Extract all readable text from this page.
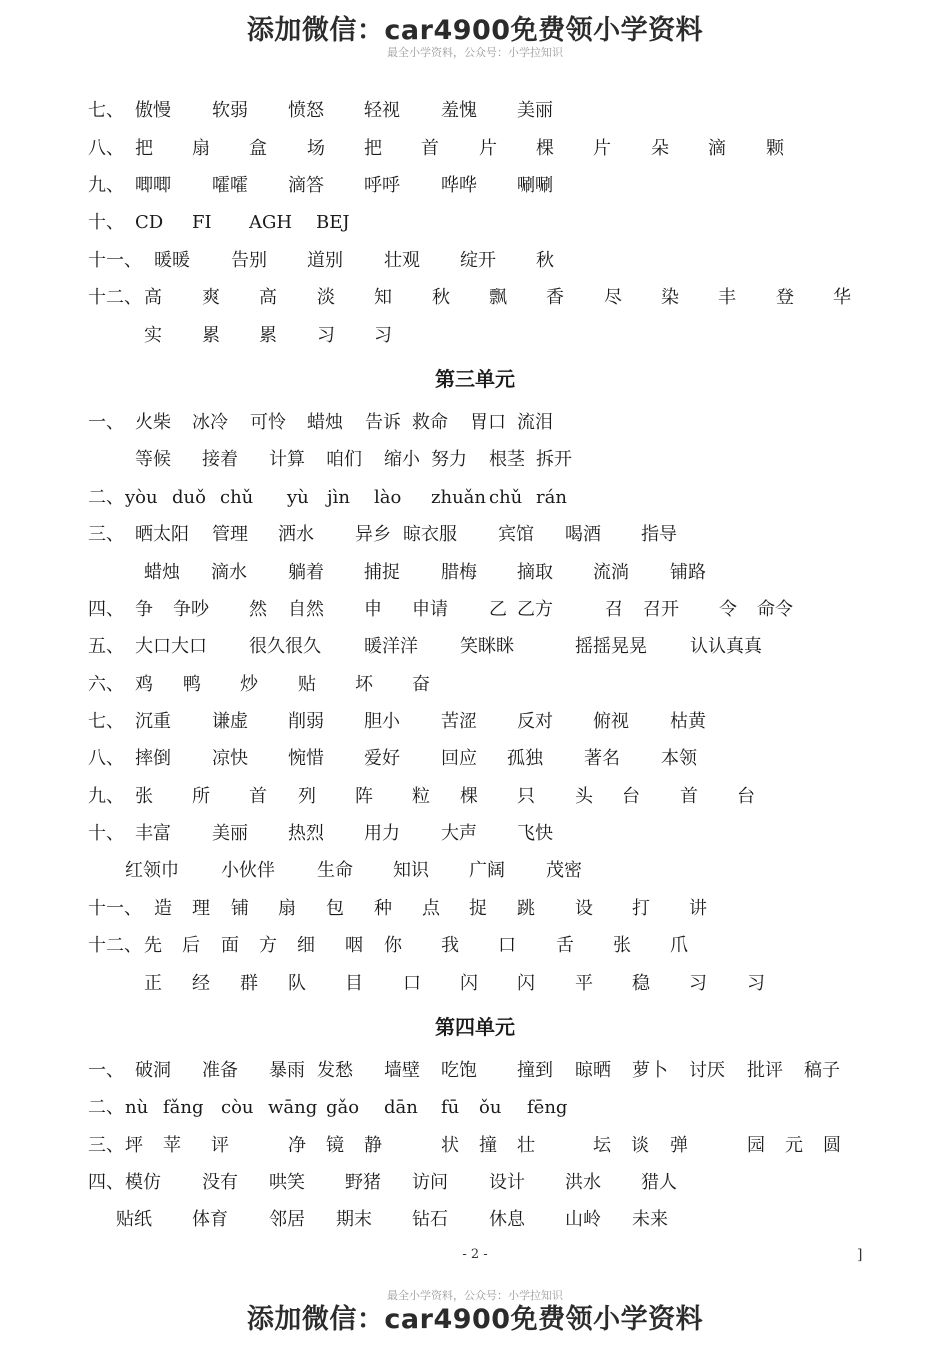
添加微信：car4900免费领小学资料
最全小学资料，公众号：小学拉知识
七、 傲慢 软弱 愤怒 轻视 羞愧 美丽
八、 把 扇 盒 场 把 首 片 棵 片 朵 滴 颗
九、 唧唧 嚯嚯 滴答 呼呼 哗哗 唰唰
十、 CD FI AGH BEJ
十一、 暖暖 告别 道别 壮观 绽开 秋
十二、 高 爽 高 淡 知 秋 飘 香 尽 染 丰 登 华
实 累 累 习 习
一、 火柴 冰冷 可怜 蜡烛 告诉 救命 胃口 流泪
等候 接着 计算 咱们 缩小 努力 根茎 拆开
二、 yòu duǒ chǔ yù jìn lào zhuǎn chǔ rán
三、 晒太阳 管理 洒水 异乡 晾衣服 宾馆 喝酒 指导
蜡烛 滴水 躺着 捕捉 腊梅 摘取 流淌 铺路
四、 争 争吵 然 自然 申 申请 乙 乙方	召 召开 令 命令
五、 大口大口 很久很久 暖洋洋 笑眯眯	摇摇晃晃 认认真真
六、 鸡 鸭 炒 贴 坏 奋
七、 沉重 谦虚 削弱 胆小 苦涩 反对 俯视 枯黄
八、 摔倒 凉快 惋惜 爱好 回应 孤独 著名 本领
九、 张 所 首 列 阵 粒 棵 只 头 台 首 台
十、 丰富 美丽 热烈 用力 大声 飞快
红领巾 小伙伴 生命 知识 广阔 茂密
十一、 造 理 铺 扇 包 种 点 捉 跳 设 打 讲
十二、 先 后 面 方 细 咽 你 我 口 舌 张 爪
正 经 群 队 目 口 闪 闪 平 稳 习 习
一、 破洞 准备 暴雨 发愁 墙壁 吃饱 撞到 晾晒 萝卜 讨厌 批评 稿子
二、 nù fǎng còu wāng gǎo dān fū ǒu fēng
三、 坪 苹 评	净 镜 静	状 撞 壮	坛 谈 弹	园 元 圆
四、 模仿 没有 哄笑 野猪 访问 设计 洪水 猎人
贴纸 体育 邻居 期末 钻石 休息 山岭 未来
第三单元
第四单元
- 2 -	]
最全小学资料，公众号：小学拉知识
添加微信：car4900免费领小学资料
